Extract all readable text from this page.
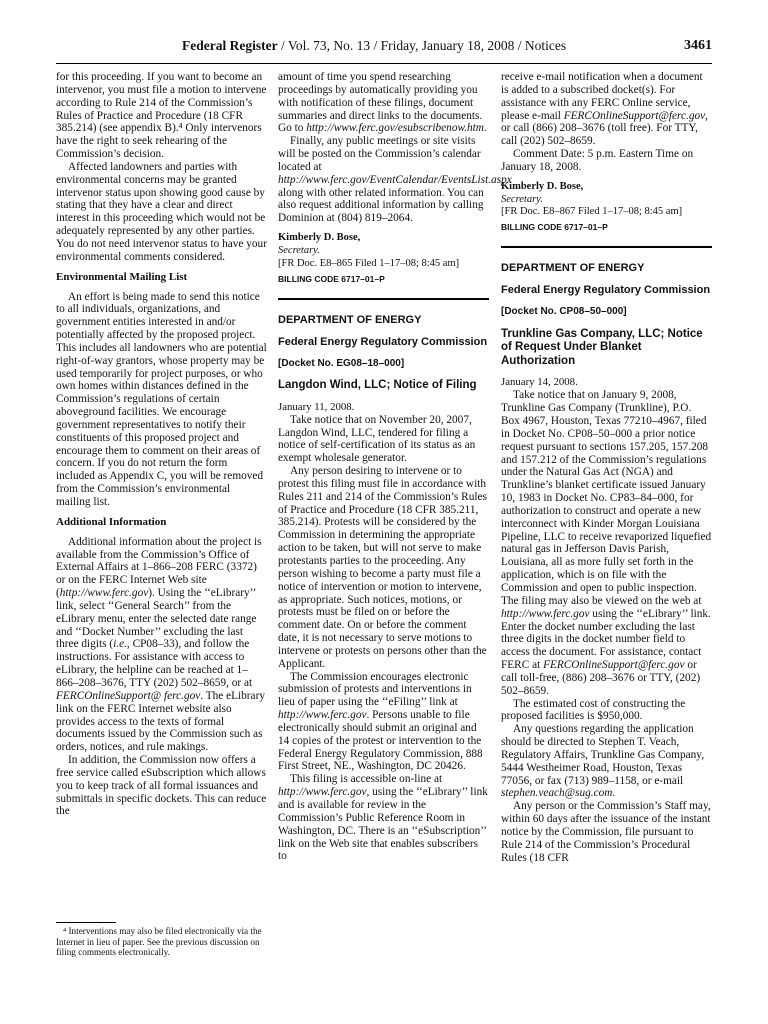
Federal Register / Vol. 73, No. 13 / Friday, January 18, 2008 / Notices	3461

for this proceeding. If you want to become an intervenor, you must file a motion to intervene according to Rule 214 of the Commission’s Rules of Practice and Procedure (18 CFR 385.214) (see appendix B).⁴ Only intervenors have the right to seek rehearing of the Commission’s decision.

Affected landowners and parties with environmental concerns may be granted intervenor status upon showing good cause by stating that they have a clear and direct interest in this proceeding which would not be adequately represented by any other parties. You do not need intervenor status to have your environmental comments considered.

Environmental Mailing List

An effort is being made to send this notice to all individuals, organizations, and government entities interested in and/or potentially affected by the proposed project. This includes all landowners who are potential right-of-way grantors, whose property may be used temporarily for project purposes, or who own homes within distances defined in the Commission’s regulations of certain aboveground facilities. We encourage government representatives to notify their constituents of this proposed project and encourage them to comment on their areas of concern. If you do not return the form included as Appendix C, you will be removed from the Commission’s environmental mailing list.

Additional Information

Additional information about the project is available from the Commission’s Office of External Affairs at 1–866–208 FERC (3372) or on the FERC Internet Web site (http://www.ferc.gov). Using the ‘‘eLibrary’’ link, select ‘‘General Search’’ from the eLibrary menu, enter the selected date range and ‘‘Docket Number’’ excluding the last three digits (i.e., CP08–33), and follow the instructions. For assistance with access to eLibrary, the helpline can be reached at 1–866–208–3676, TTY (202) 502–8659, or at FERCOnlineSupport@ ferc.gov. The eLibrary link on the FERC Internet website also provides access to the texts of formal documents issued by the Commission such as orders, notices, and rule makings.

In addition, the Commission now offers a free service called eSubscription which allows you to keep track of all formal issuances and submittals in specific dockets. This can reduce the

⁴ Interventions may also be filed electronically via the Internet in lieu of paper. See the previous discussion on filing comments electronically.

amount of time you spend researching proceedings by automatically providing you with notification of these filings, document summaries and direct links to the documents. Go to http://www.ferc.gov/esubscribenow.htm.

Finally, any public meetings or site visits will be posted on the Commission’s calendar located at http://www.ferc.gov/EventCalendar/EventsList.aspx along with other related information. You can also request additional information by calling Dominion at (804) 819–2064.

Kimberly D. Bose,
Secretary.
[FR Doc. E8–865 Filed 1–17–08; 8:45 am]
BILLING CODE 6717–01–P
DEPARTMENT OF ENERGY
Federal Energy Regulatory Commission
[Docket No. EG08–18–000]
Langdon Wind, LLC; Notice of Filing
January 11, 2008.

Take notice that on November 20, 2007, Langdon Wind, LLC, tendered for filing a notice of self-certification of its status as an exempt wholesale generator.

Any person desiring to intervene or to protest this filing must file in accordance with Rules 211 and 214 of the Commission’s Rules of Practice and Procedure (18 CFR 385.211, 385.214). Protests will be considered by the Commission in determining the appropriate action to be taken, but will not serve to make protestants parties to the proceeding. Any person wishing to become a party must file a notice of intervention or motion to intervene, as appropriate. Such notices, motions, or protests must be filed on or before the comment date. On or before the comment date, it is not necessary to serve motions to intervene or protests on persons other than the Applicant.

The Commission encourages electronic submission of protests and interventions in lieu of paper using the ‘‘eFiling’’ link at http://www.ferc.gov. Persons unable to file electronically should submit an original and 14 copies of the protest or intervention to the Federal Energy Regulatory Commission, 888 First Street, NE., Washington, DC 20426.

This filing is accessible on-line at http://www.ferc.gov, using the ‘‘eLibrary’’ link and is available for review in the Commission’s Public Reference Room in Washington, DC. There is an ‘‘eSubscription’’ link on the Web site that enables subscribers to

receive e-mail notification when a document is added to a subscribed docket(s). For assistance with any FERC Online service, please e-mail FERCOnlineSupport@ferc.gov, or call (866) 208–3676 (toll free). For TTY, call (202) 502–8659.

Comment Date: 5 p.m. Eastern Time on January 18, 2008.

Kimberly D. Bose,
Secretary.
[FR Doc. E8–867 Filed 1–17–08; 8:45 am]
BILLING CODE 6717–01–P
DEPARTMENT OF ENERGY
Federal Energy Regulatory Commission
[Docket No. CP08–50–000]
Trunkline Gas Company, LLC; Notice of Request Under Blanket Authorization
January 14, 2008.

Take notice that on January 9, 2008, Trunkline Gas Company (Trunkline), P.O. Box 4967, Houston, Texas 77210–4967, filed in Docket No. CP08–50–000 a prior notice request pursuant to sections 157.205, 157.208 and 157.212 of the Commission’s regulations under the Natural Gas Act (NGA) and Trunkline’s blanket certificate issued January 10, 1983 in Docket No. CP83–84–000, for authorization to construct and operate a new interconnect with Kinder Morgan Louisiana Pipeline, LLC to receive revaporized liquefied natural gas in Jefferson Davis Parish, Louisiana, all as more fully set forth in the application, which is on file with the Commission and open to public inspection. The filing may also be viewed on the web at http://www.ferc.gov using the ‘‘eLibrary’’ link. Enter the docket number excluding the last three digits in the docket number field to access the document. For assistance, contact FERC at FERCOnlineSupport@ferc.gov or call toll-free, (886) 208–3676 or TTY, (202) 502–8659.

The estimated cost of constructing the proposed facilities is $950,000.

Any questions regarding the application should be directed to Stephen T. Veach, Regulatory Affairs, Trunkline Gas Company, 5444 Westheimer Road, Houston, Texas 77056, or fax (713) 989–1158, or e-mail stephen.veach@sug.com.

Any person or the Commission’s Staff may, within 60 days after the issuance of the instant notice by the Commission, file pursuant to Rule 214 of the Commission’s Procedural Rules (18 CFR
